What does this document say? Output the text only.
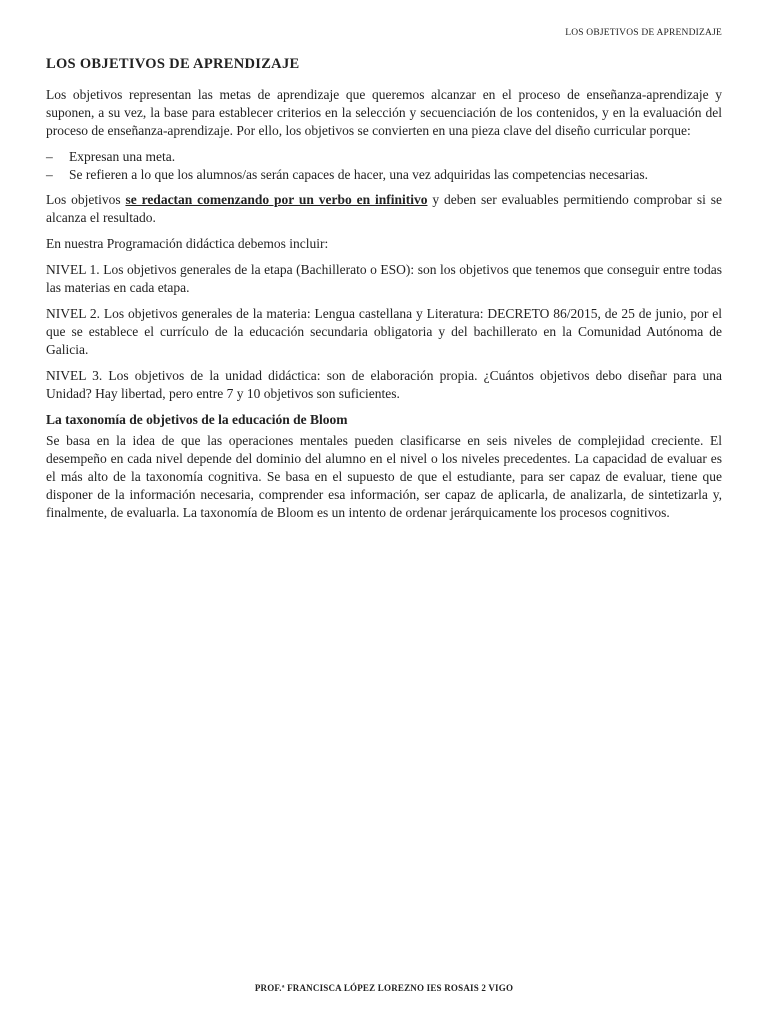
LOS OBJETIVOS DE APRENDIZAJE
LOS OBJETIVOS DE APRENDIZAJE

Los objetivos representan las metas de aprendizaje que queremos alcanzar en el proceso de enseñanza-aprendizaje y suponen, a su vez, la base para establecer criterios en la selección y secuenciación de los contenidos, y en la evaluación del proceso de enseñanza-aprendizaje. Por ello, los objetivos se convierten en una pieza clave del diseño curricular porque:

– Expresan una meta.
– Se refieren a lo que los alumnos/as serán capaces de hacer, una vez adquiridas las competencias necesarias.

Los objetivos se redactan comenzando por un verbo en infinitivo y deben ser evaluables permitiendo comprobar si se alcanza el resultado.

En nuestra Programación didáctica debemos incluir:

NIVEL 1. Los objetivos generales de la etapa (Bachillerato o ESO): son los objetivos que tenemos que conseguir entre todas las materias en cada etapa.

NIVEL 2. Los objetivos generales de la materia: Lengua castellana y Literatura: DECRETO 86/2015, de 25 de junio, por el que se establece el currículo de la educación secundaria obligatoria y del bachillerato en la Comunidad Autónoma de Galicia.

NIVEL 3. Los objetivos de la unidad didáctica: son de elaboración propia. ¿Cuántos objetivos debo diseñar para una Unidad? Hay libertad, pero entre 7 y 10 objetivos son suficientes.

La taxonomía de objetivos de la educación de Bloom

Se basa en la idea de que las operaciones mentales pueden clasificarse en seis niveles de complejidad creciente. El desempeño en cada nivel depende del dominio del alumno en el nivel o los niveles precedentes. La capacidad de evaluar es el más alto de la taxonomía cognitiva. Se basa en el supuesto de que el estudiante, para ser capaz de evaluar, tiene que disponer de la información necesaria, comprender esa información, ser capaz de aplicarla, de analizarla, de sintetizarla y, finalmente, de evaluarla. La taxonomía de Bloom es un intento de ordenar jerárquicamente los procesos cognitivos.

PROF.ª FRANCISCA LÓPEZ LOREZNO IES ROSAIS 2 VIGO
